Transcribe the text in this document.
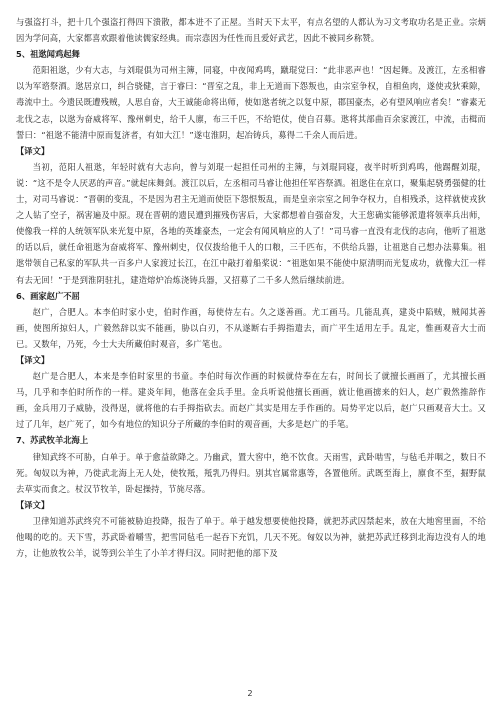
与强盗打斗，把十几个强盗打得四下溃散，都本进不了正屋。当时天下太平，有点名望的人都认为习文考取功名是正业。宗炳因为学问高，大家都喜欢跟着他读儒家经典。而宗悫因为任性而且爱好武艺，因此不被同乡称赞。

5、祖逖闻鸡起舞

范阳祖逖，少有大志，与刘琨俱为司州主簿，同寝，中夜闻鸡鸣，蹴琨觉曰：“此非恶声也！”因起舞。及渡江，左丞相睿以为军谘祭酒。逖居京口，纠合骁健，言于睿曰：“晋室之乱，非上无道而下怨叛也，由宗室争权，自相鱼肉，遂使戎狄乘隙，毒流中土。今遗民既遭残贼，人思自奋，大王诚能命将出师，使如逖者统之以复中原，郡国豪杰，必有望风响应者矣！”睿素无北伐之志，以逖为奋威将军、豫州刺史，给千人廪，布三千匹，不给铠仗，使自召募。逖将其部曲百余家渡江，中流，击楫而誓曰：“祖逖不能清中原而复济者，有如大江！”遂屯淮阴，起冶铸兵，募得二千余人而后进。

【译文】

当初，范阳人祖逖，年轻时就有大志向，曾与刘琨一起担任司州的主簿，与刘琨同寝，夜半时听到鸡鸣，他踢醒刘琨，说：“这不是令人厌恶的声音。”就起床舞剑。渡江以后，左丞相司马睿让他担任军咨祭酒。祖逖住在京口，聚集起骁勇强健的壮士，对司马睿说：“晋朝的变乱，不是因为君主无道而使臣下怨恨叛乱，而是皇亲宗室之间争夺权力，自相残杀，这样就使戎狄之人钻了空子，祸害遍及中原。现在晋朝的遗民遭到摧残伤害后，大家都想着自强奋发，大王您确实能够派遣将领率兵出师，使像我一样的人统领军队来光复中原，各地的英雄豪杰，一定会有闻风响应的人了！”司马睿一直没有北伐的志向，他听了祖逖的话以后，就任命祖逖为奋威将军、豫州刺史，仅仅拨给他千人的口粮，三千匹布，不供给兵器，让祖逖自己想办法募集。祖逖带领自己私家的军队共一百多户人家渡过长江，在江中敲打着船桨说：“祖逖如果不能使中原清明而光复成功，就像大江一样有去无回！”于是到淮阴驻扎，建造熔炉冶炼浇铸兵器，又招募了二千多人然后继续前进。

6、画家赵广不屈

赵广，合肥人。本李伯时家小史，伯时作画，每使侍左右。久之遂善画。尤工画马。几能乱真，建炎中陷贼，贼闻其善画，使图所掠妇人，广毅然辞以实不能画，胁以白刃，不从遂断右手拇指遣去，而广平生适用左手。乱定，惟画观音大士而已。又数年，乃死，今士大夫所藏伯时观音，多广笔也。

【译文】

赵广是合肥人，本来是李伯时家里的书童。李伯时每次作画的时候就侍奉在左右，时间长了就擅长画画了，尤其擅长画马，几乎和李伯时所作的一样。建炎年间，他落在金兵手里。金兵听说他擅长画画，就让他画掳来的妇人，赵广毅然推辞作画，金兵用刀子威胁，没得逞，就将他的右手拇指砍去。而赵广其实是用左手作画的。局势平定以后，赵广只画观音大士。又过了几年，赵广死了，如今有地位的知识分子所藏的李伯时的观音画，大多是赵广的手笔。

7、苏武牧羊北海上

律知武终不可胁，白单于。单于愈益欲降之。乃幽武，置大窖中，绝不饮食。天雨雪，武卧啮雪，与毡毛并咽之，数日不死。匈奴以为神，乃徙武北海上无人处，使牧羝，羝乳乃得归。别其官属常惠等，各置他所。武既至海上，廪食不至，掘野鼠去草实而食之。杖汉节牧羊，卧起操持，节旄尽落。

【译文】

卫律知道苏武终究不可能被胁迫投降，报告了单于。单于越发想要使他投降，就把苏武囚禁起来，放在大地窖里面，不给他喝的吃的。天下雪，苏武卧着嚼雪，把雪同毡毛一起吞下充饥，几天不死。匈奴以为神，就把苏武迁移到北海边没有人的地方，让他放牧公羊，说等到公羊生了小羊才得归汉。同时把他的部下及

2
